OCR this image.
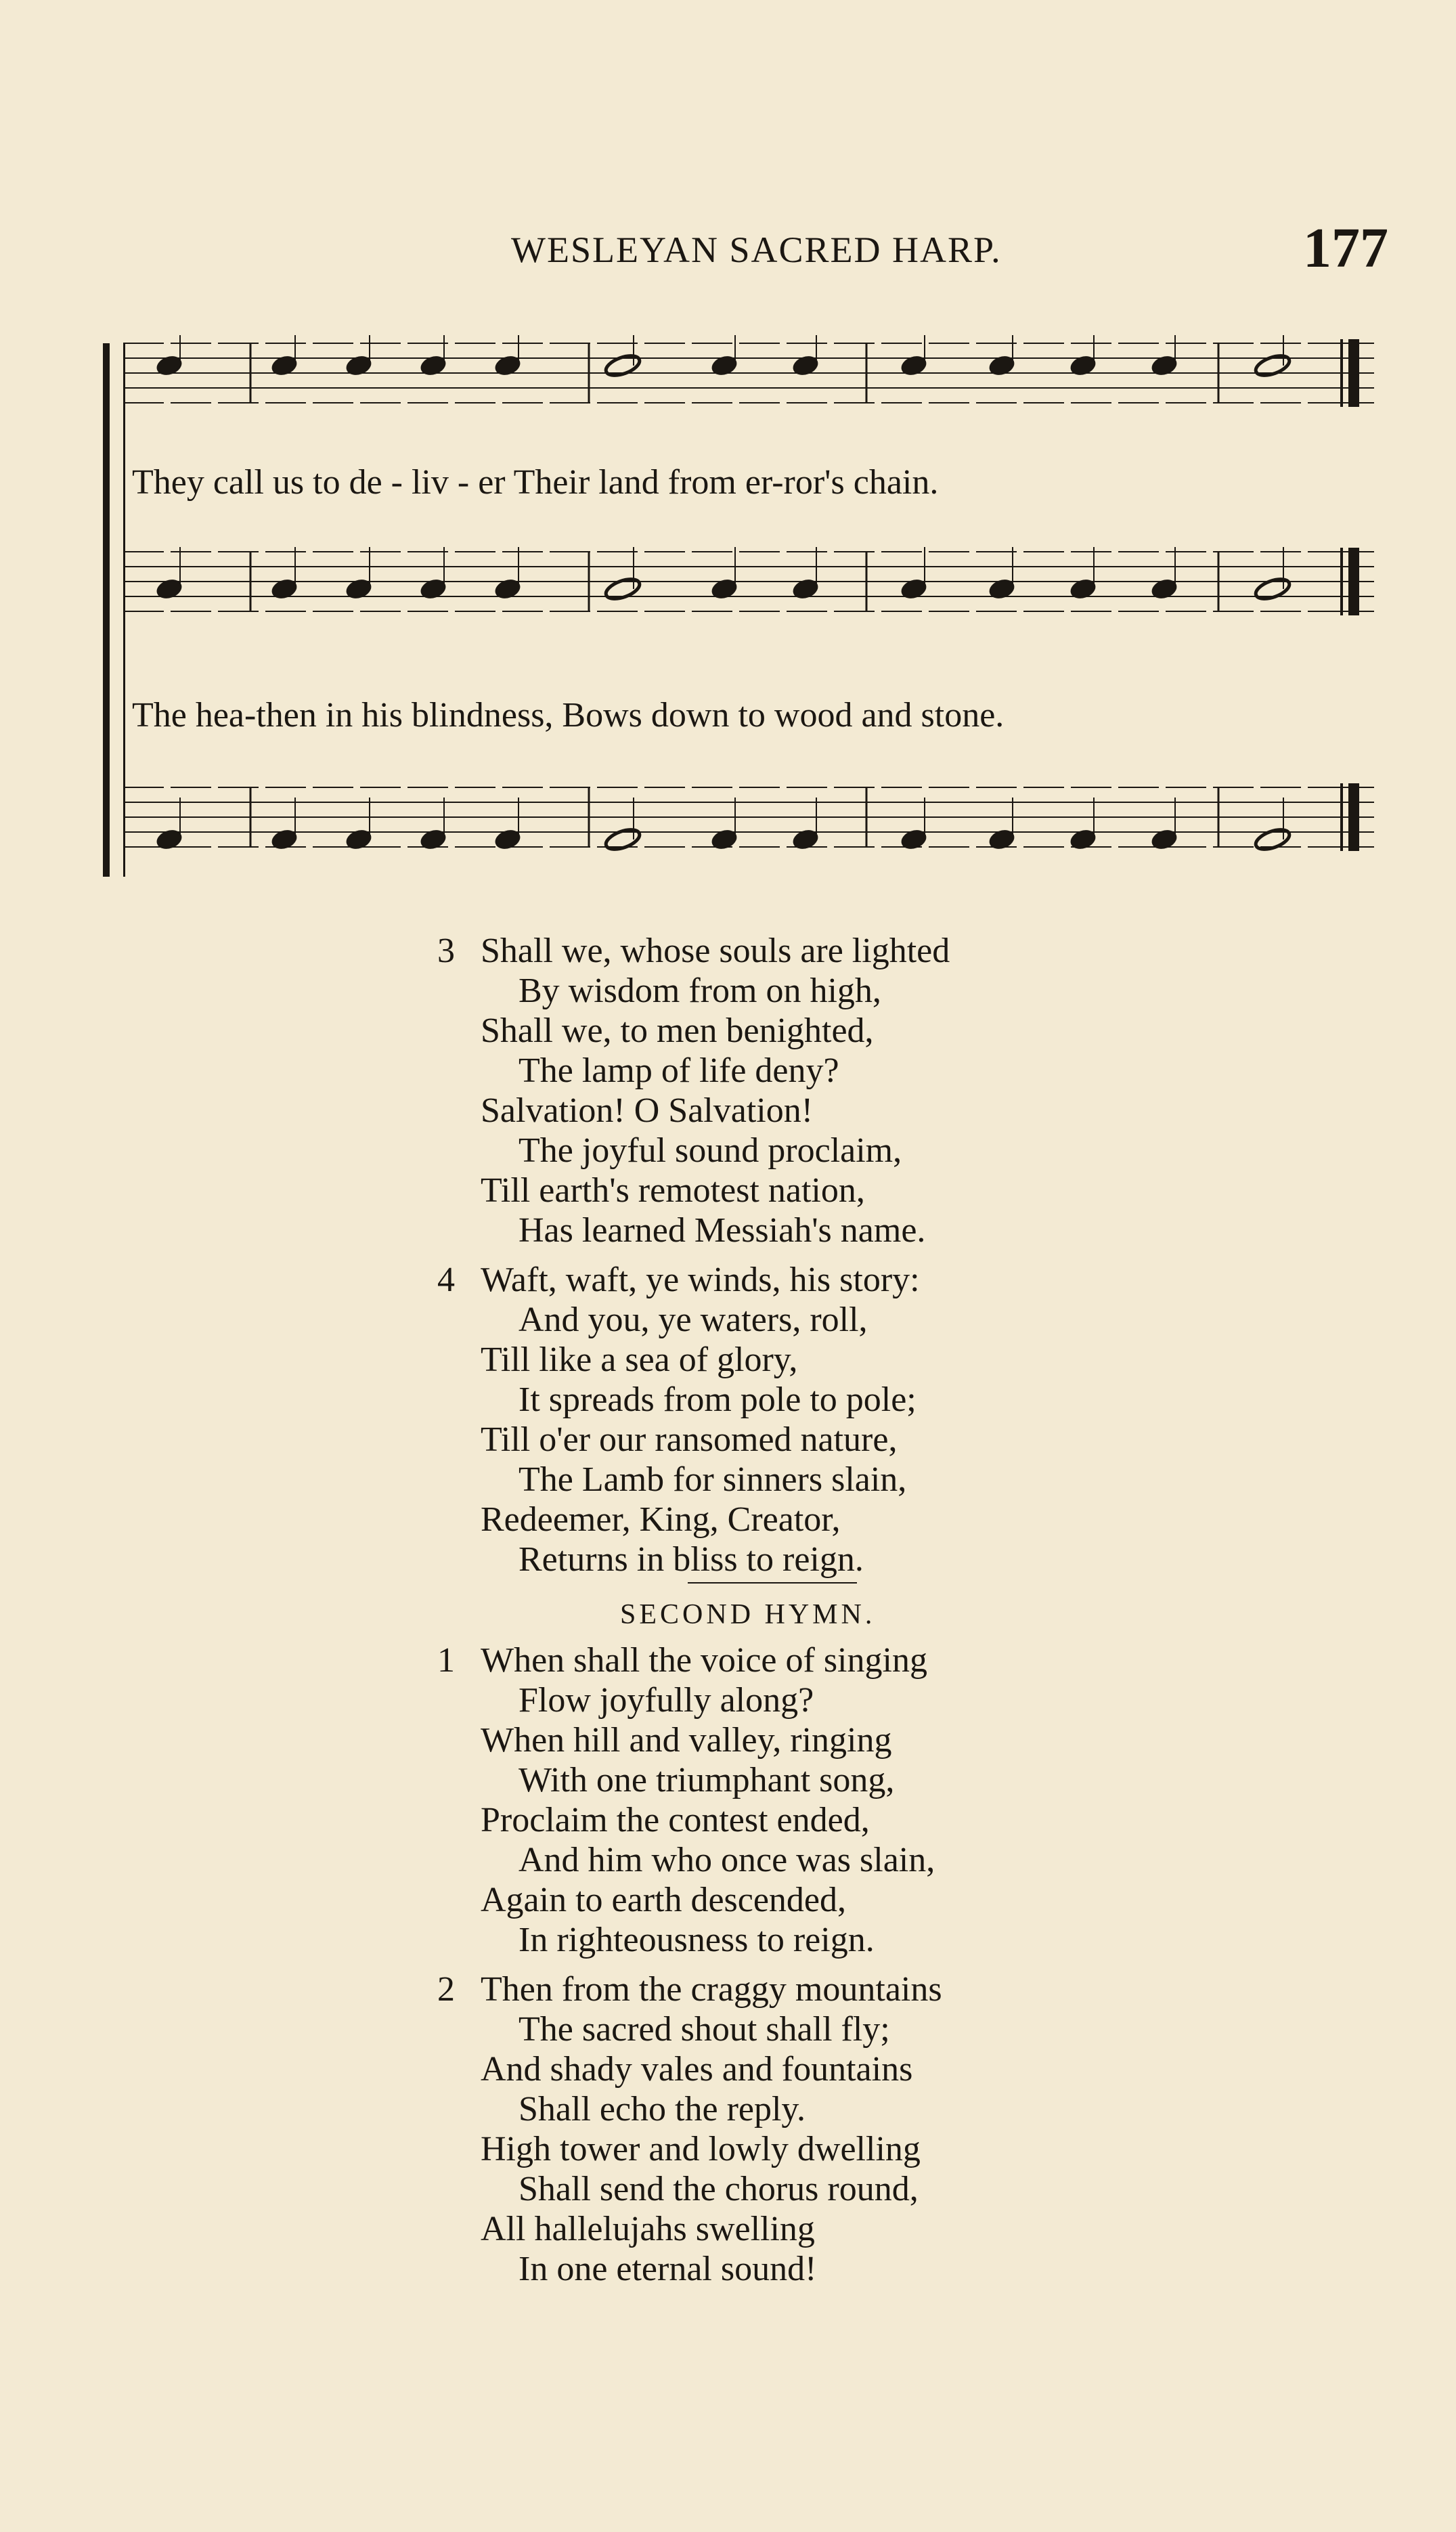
WESLEYAN SACRED HARP.	177
They call us to de - liv - er Their land from er-ror's chain.
The hea-then in his blindness, Bows down to wood and stone.
3 Shall we, whose souls are lighted
By wisdom from on high,
Shall we, to men benighted,
The lamp of life deny?
Salvation! O Salvation!
The joyful sound proclaim,
Till earth's remotest nation,
Has learned Messiah's name.
4 Waft, waft, ye winds, his story:
And you, ye waters, roll,
Till like a sea of glory,
It spreads from pole to pole;
Till o'er our ransomed nature,
The Lamb for sinners slain,
Redeemer, King, Creator,
Returns in bliss to reign.
SECOND HYMN.
1 When shall the voice of singing
Flow joyfully along?
When hill and valley, ringing
With one triumphant song,
Proclaim the contest ended,
And him who once was slain,
Again to earth descended,
In righteousness to reign.
2 Then from the craggy mountains
The sacred shout shall fly;
And shady vales and fountains
Shall echo the reply.
High tower and lowly dwelling
Shall send the chorus round,
All hallelujahs swelling
In one eternal sound!
